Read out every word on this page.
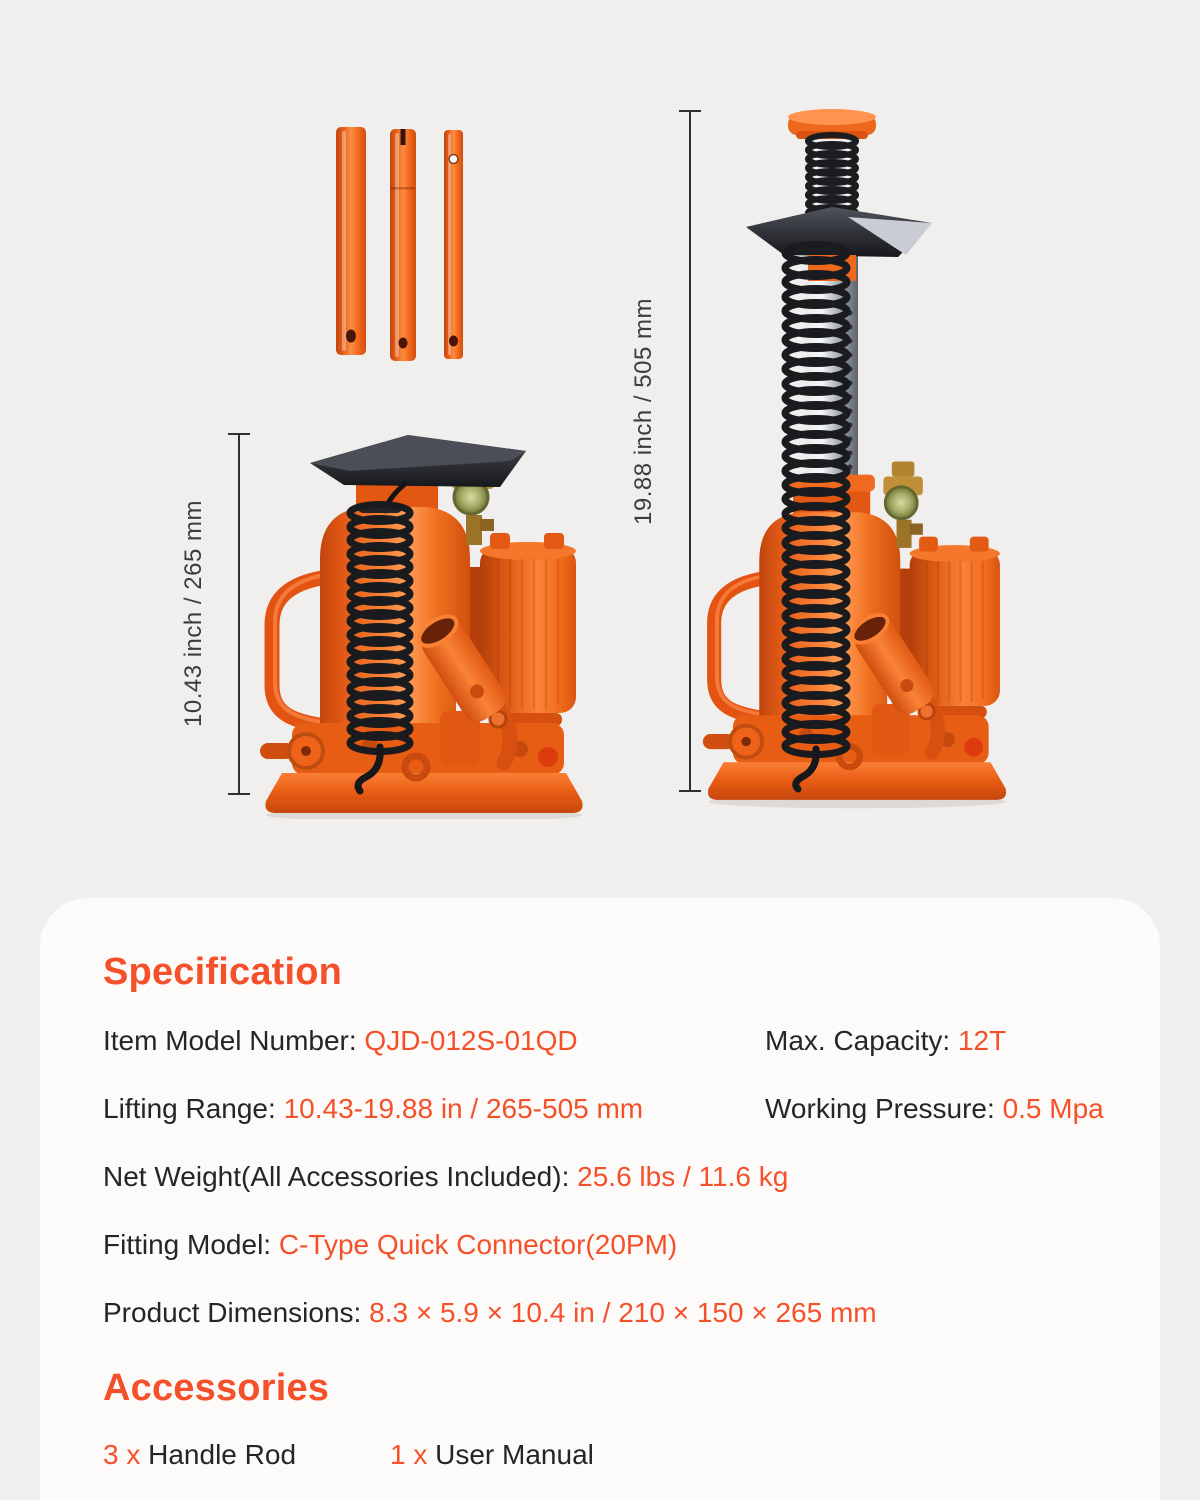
10.43 inch / 265 mm
19.88 inch / 505 mm
Specification
Item Model Number: QJD-012S-01QD	Max. Capacity: 12T
Lifting Range: 10.43-19.88 in / 265-505 mm	Working Pressure: 0.5 Mpa
Net Weight(All Accessories Included): 25.6 lbs / 11.6 kg
Fitting Model: C-Type Quick Connector(20PM)
Product Dimensions: 8.3 × 5.9 × 10.4 in / 210 × 150 × 265 mm
Accessories
3 x Handle Rod	1 x User Manual
